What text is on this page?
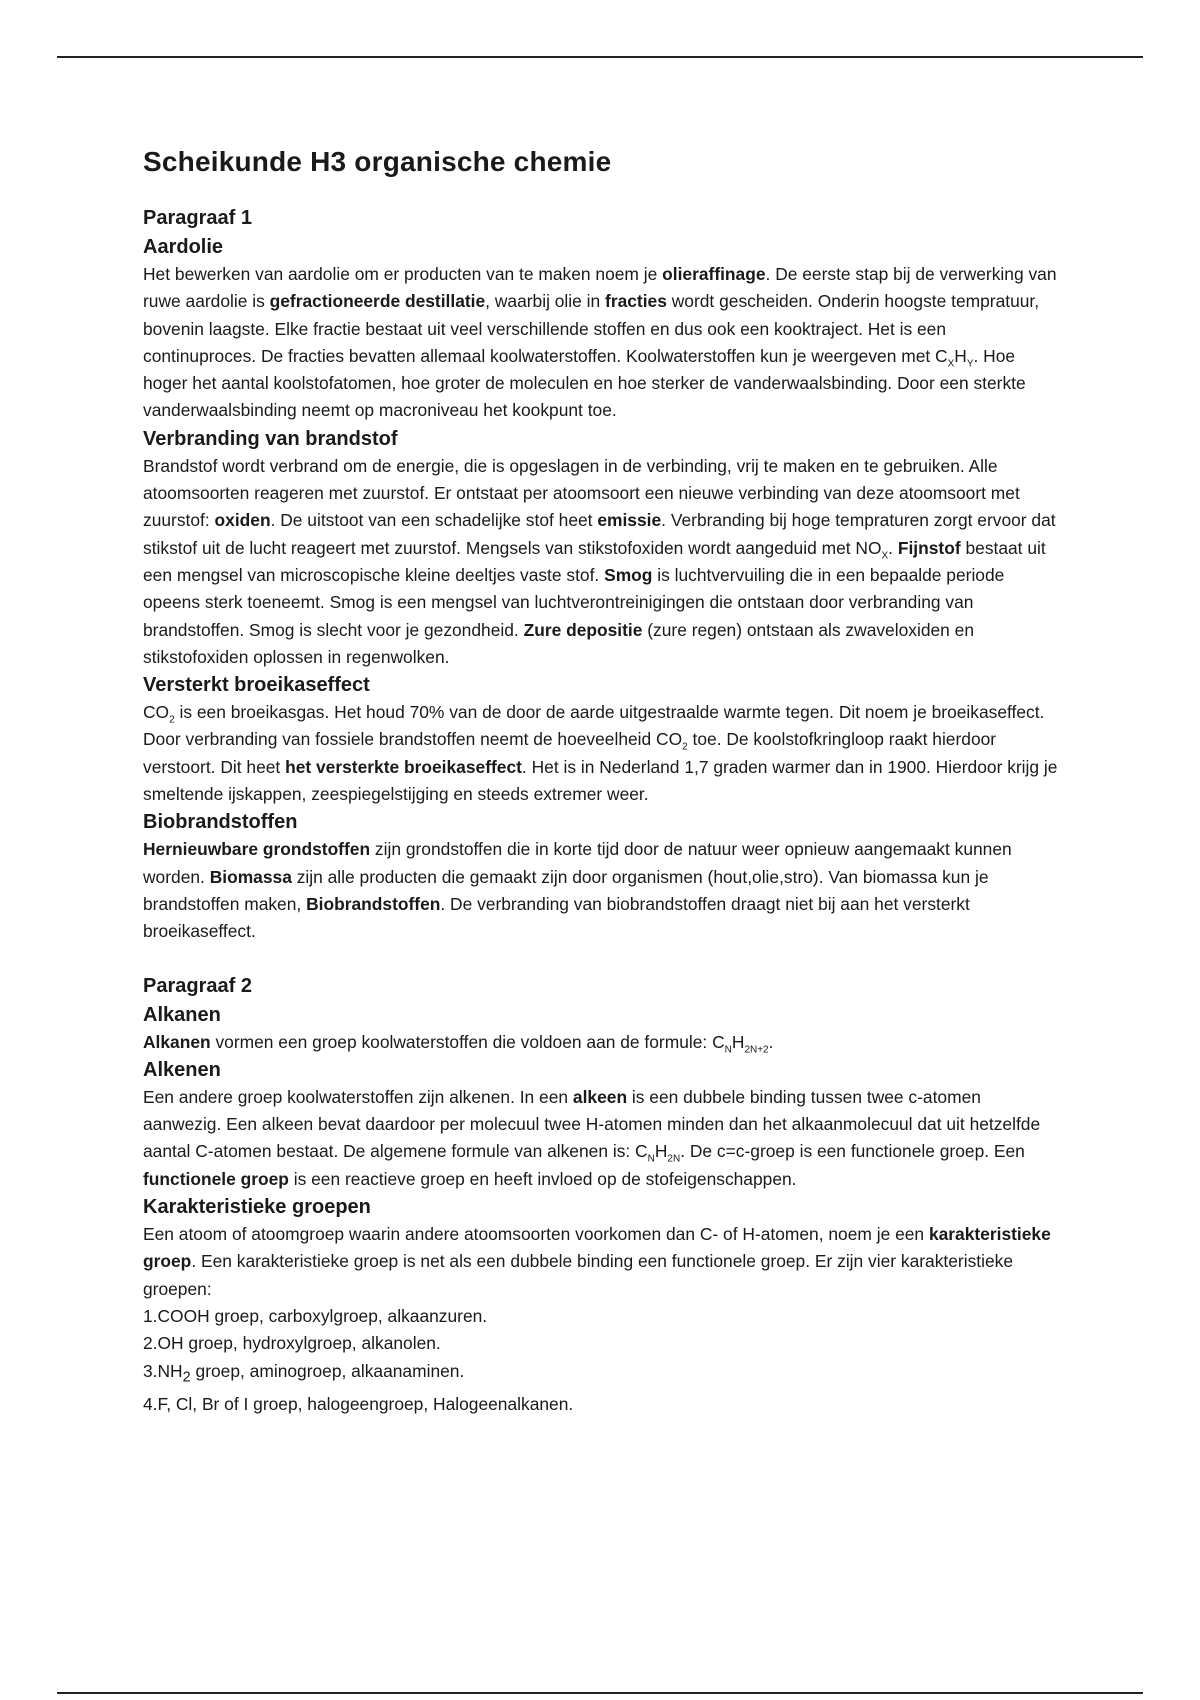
Scheikunde H3 organische chemie
Paragraaf 1
Aardolie

Het bewerken van aardolie om er producten van te maken noem je olieraffinage. De eerste stap bij de verwerking van ruwe aardolie is gefractioneerde destillatie, waarbij olie in fracties wordt gescheiden. Onderin hoogste tempratuur, bovenin laagste. Elke fractie bestaat uit veel verschillende stoffen en dus ook een kooktraject. Het is een continuproces. De fracties bevatten allemaal koolwaterstoffen. Koolwaterstoffen kun je weergeven met $C_XH_Y$. Hoe hoger het aantal koolstofatomen, hoe groter de moleculen en hoe sterker de vanderwaalsbinding. Door een sterkte vanderwaalsbinding neemt op macroniveau het kookpunt toe.

Verbranding van brandstof

Brandstof wordt verbrand om de energie, die is opgeslagen in de verbinding, vrij te maken en te gebruiken. Alle atoomsoorten reageren met zuurstof. Er ontstaat per atoomsoort een nieuwe verbinding van deze atoomsoort met zuurstof: oxiden. De uitstoot van een schadelijke stof heet emissie. Verbranding bij hoge tempraturen zorgt ervoor dat stikstof uit de lucht reageert met zuurstof. Mengsels van stikstofoxiden wordt aangeduid met $NO_X$. Fijnstof bestaat uit een mengsel van microscopische kleine deeltjes vaste stof. Smog is luchtvervuiling die in een bepaalde periode opeens sterk toeneemt. Smog is een mengsel van luchtverontreinigingen die ontstaan door verbranding van brandstoffen. Smog is slecht voor je gezondheid. Zure depositie (zure regen) ontstaan als zwaveloxiden en stikstofoxiden oplossen in regenwolken.

Versterkt broeikaseffect

$CO_2$ is een broeikasgas. Het houd 70% van de door de aarde uitgestraalde warmte tegen. Dit noem je broeikaseffect. Door verbranding van fossiele brandstoffen neemt de hoeveelheid $CO_2$ toe. De koolstofkringloop raakt hierdoor verstoort. Dit heet het versterkte broeikaseffect. Het is in Nederland 1,7 graden warmer dan in 1900. Hierdoor krijg je smeltende ijskappen, zeespiegelstijging en steeds extremer weer.

Biobrandstoffen

Hernieuwbare grondstoffen zijn grondstoffen die in korte tijd door de natuur weer opnieuw aangemaakt kunnen worden. Biomassa zijn alle producten die gemaakt zijn door organismen (hout,olie,stro). Van biomassa kun je brandstoffen maken, Biobrandstoffen. De verbranding van biobrandstoffen draagt niet bij aan het versterkt broeikaseffect.

Paragraaf 2
Alkanen

Alkanen vormen een groep koolwaterstoffen die voldoen aan de formule: $C_NH_{2N+2}$.

Alkenen

Een andere groep koolwaterstoffen zijn alkenen. In een alkeen is een dubbele binding tussen twee c-atomen aanwezig. Een alkeen bevat daardoor per molecuul twee H-atomen minden dan het alkaanmolecuul dat uit hetzelfde aantal C-atomen bestaat. De algemene formule van alkenen is: $C_NH_{2N}$. De c=c-groep is een functionele groep. Een functionele groep is een reactieve groep en heeft invloed op de stofeigenschappen.

Karakteristieke groepen

Een atoom of atoomgroep waarin andere atoomsoorten voorkomen dan C- of H-atomen, noem je een karakteristieke groep. Een karakteristieke groep is net als een dubbele binding een functionele groep. Er zijn vier karakteristieke groepen:

1.COOH groep, carboxylgroep, alkaanzuren.
2.OH groep, hydroxylgroep, alkanolen.
$3.NH_2$ groep, aminogroep, alkaanaminen.
4.F, Cl, Br of I groep, halogeengroep, Halogeenalkanen.
